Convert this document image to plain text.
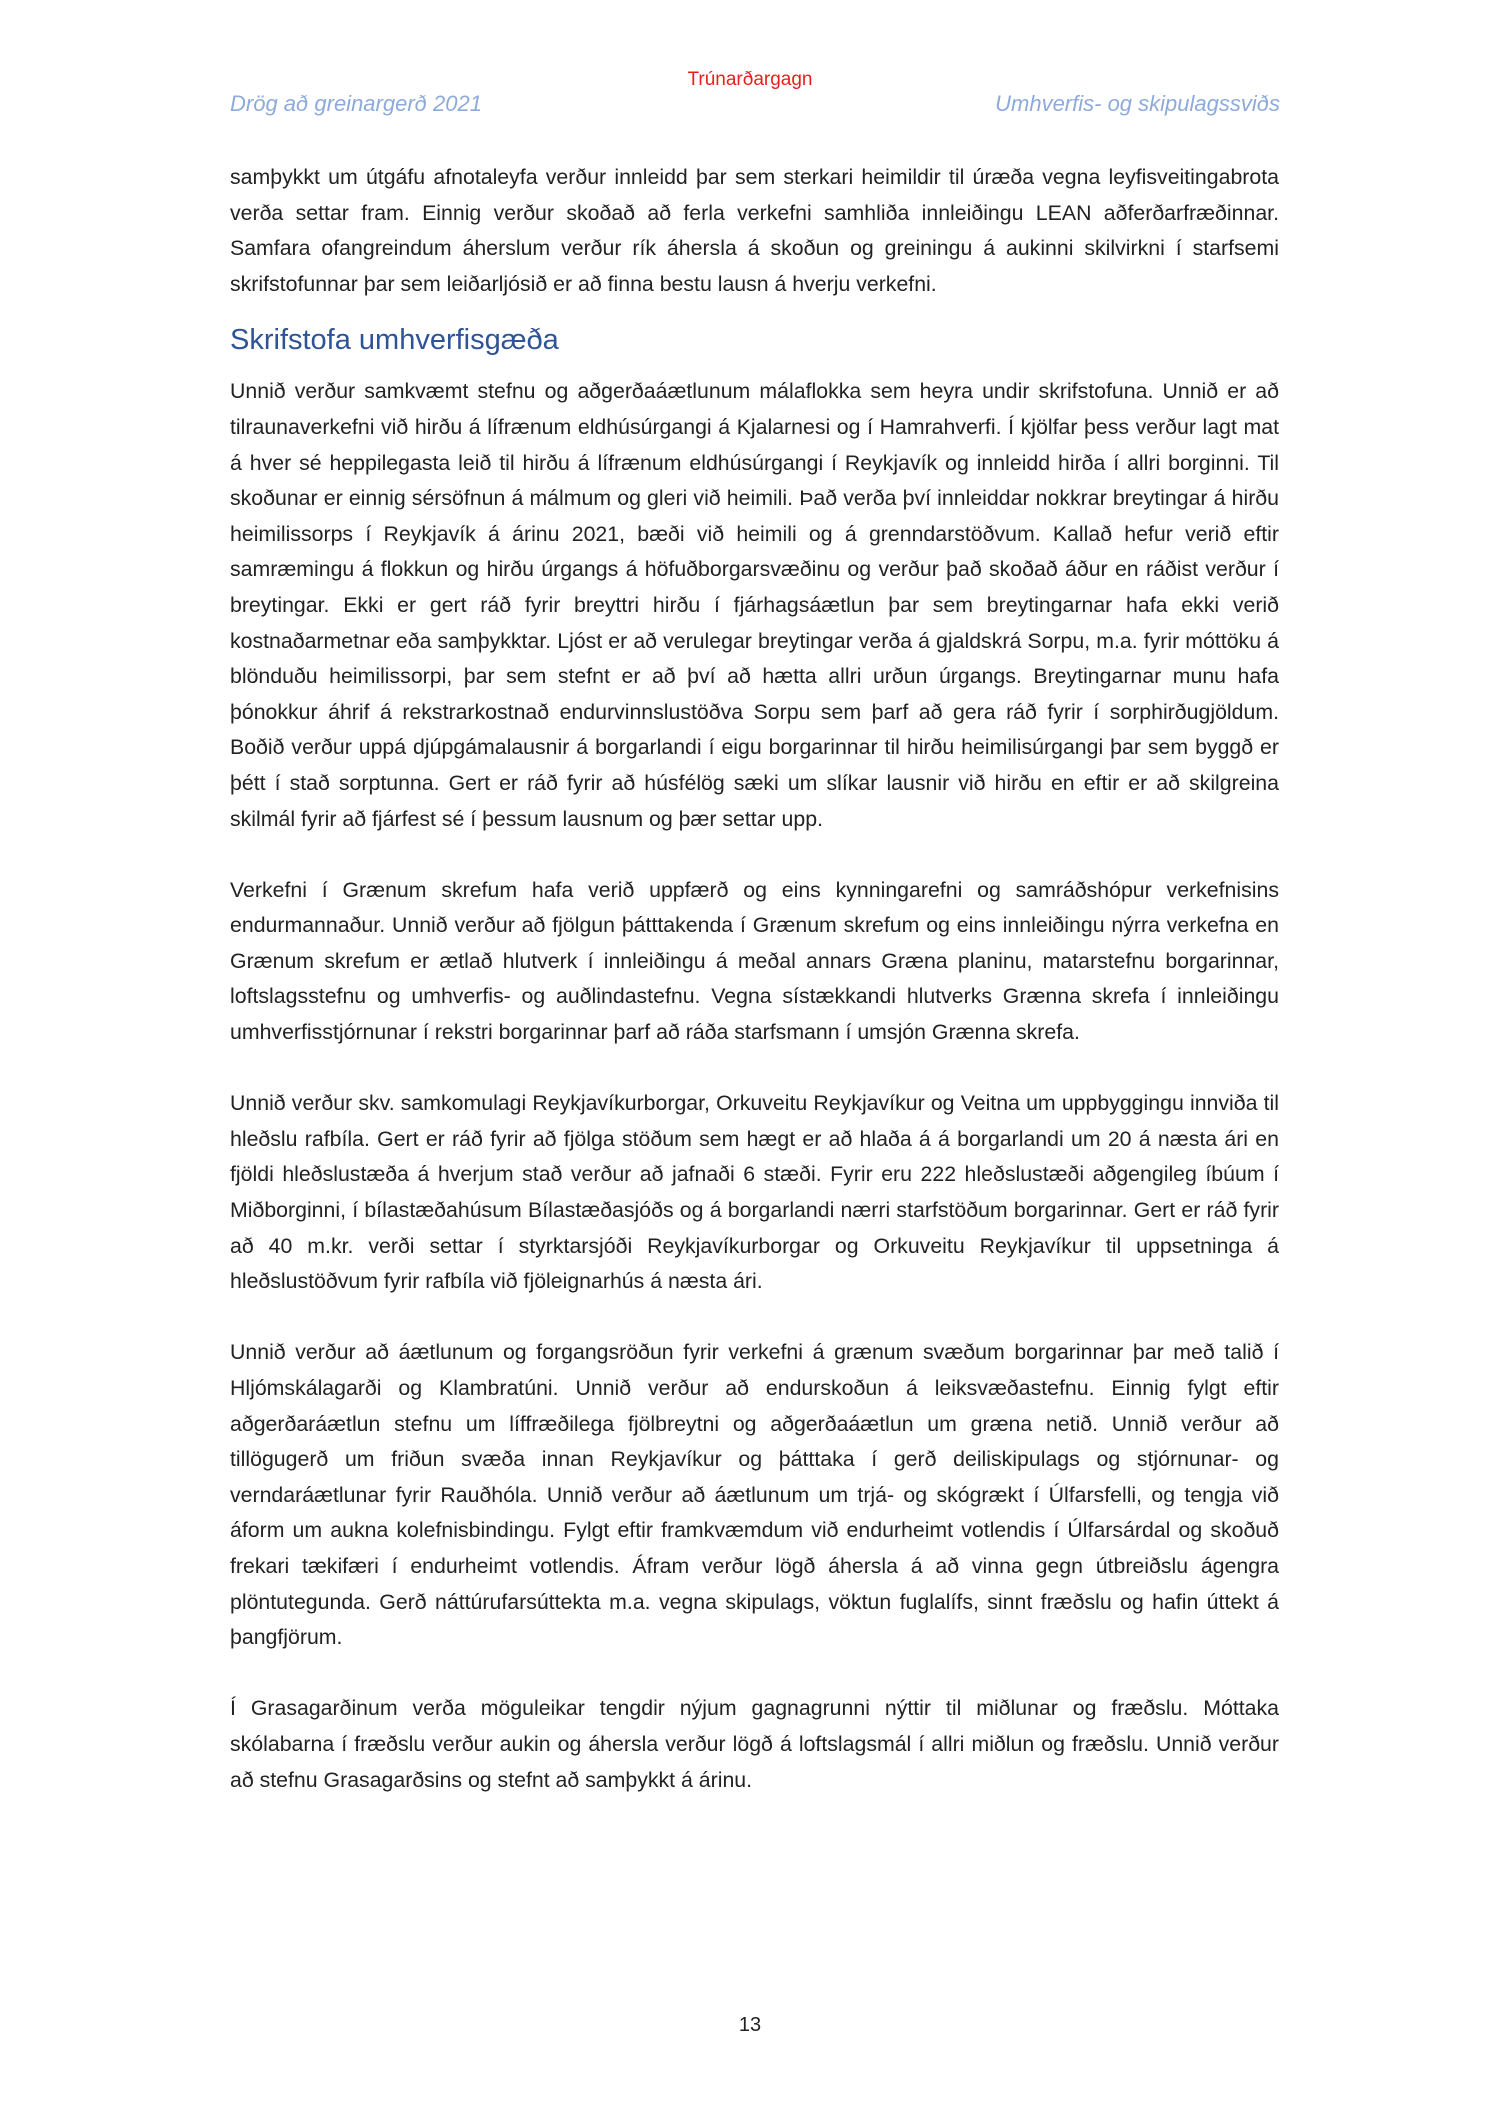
Trúnarðargagn
Drög að greinargerð 2021	Umhverfis- og skipulagssviðs

samþykkt um útgáfu afnotaleyfa verður innleidd þar sem sterkari heimildir til úræða vegna leyfisveitingabrota verða settar fram. Einnig verður skoðað að ferla verkefni samhliða innleiðingu LEAN aðferðarfræðinnar. Samfara ofangreindum áherslum verður rík áhersla á skoðun og greiningu á aukinni skilvirkni í starfsemi skrifstofunnar þar sem leiðarljósið er að finna bestu lausn á hverju verkefni.

Skrifstofa umhverfisgæða

Unnið verður samkvæmt stefnu og aðgerðaáætlunum málaflokka sem heyra undir skrifstofuna. Unnið er að tilraunaverkefni við hirðu á lífrænum eldhúsúrgangi á Kjalarnesi og í Hamrahverfi. Í kjölfar þess verður lagt mat á hver sé heppilegasta leið til hirðu á lífrænum eldhúsúrgangi í Reykjavík og innleidd hirða í allri borginni. Til skoðunar er einnig sérsöfnun á málmum og gleri við heimili. Það verða því innleiddar nokkrar breytingar á hirðu heimilissorps í Reykjavík á árinu 2021, bæði við heimili og á grenndarstöðvum. Kallað hefur verið eftir samræmingu á flokkun og hirðu úrgangs á höfuðborgarsvæðinu og verður það skoðað áður en ráðist verður í breytingar. Ekki er gert ráð fyrir breyttri hirðu í fjárhagsáætlun þar sem breytingarnar hafa ekki verið kostnaðarmetnar eða samþykktar. Ljóst er að verulegar breytingar verða á gjaldskrá Sorpu, m.a. fyrir móttöku á blönduðu heimilissorpi, þar sem stefnt er að því að hætta allri urðun úrgangs. Breytingarnar munu hafa þónokkur áhrif á rekstrarkostnað endurvinnslustöðva Sorpu sem þarf að gera ráð fyrir í sorphirðugjöldum. Boðið verður uppá djúpgámalausnir á borgarlandi í eigu borgarinnar til hirðu heimilisúrgangi þar sem byggð er þétt í stað sorptunna. Gert er ráð fyrir að húsfélög sæki um slíkar lausnir við hirðu en eftir er að skilgreina skilmál fyrir að fjárfest sé í þessum lausnum og þær settar upp.

Verkefni í Grænum skrefum hafa verið uppfærð og eins kynningarefni og samráðshópur verkefnisins endurmannaður. Unnið verður að fjölgun þátttakenda í Grænum skrefum og eins innleiðingu nýrra verkefna en Grænum skrefum er ætlað hlutverk í innleiðingu á meðal annars Græna planinu, matarstefnu borgarinnar, loftslagsstefnu og umhverfis- og auðlindastefnu. Vegna sístækkandi hlutverks Grænna skrefa í innleiðingu umhverfisstjórnunar í rekstri borgarinnar þarf að ráða starfsmann í umsjón Grænna skrefa.

Unnið verður skv. samkomulagi Reykjavíkurborgar, Orkuveitu Reykjavíkur og Veitna um uppbyggingu innviða til hleðslu rafbíla. Gert er ráð fyrir að fjölga stöðum sem hægt er að hlaða á á borgarlandi um 20 á næsta ári en fjöldi hleðslustæða á hverjum stað verður að jafnaði 6 stæði. Fyrir eru 222 hleðslustæði aðgengileg íbúum í Miðborginni, í bílastæðahúsum Bílastæðasjóðs og á borgarlandi nærri starfstöðum borgarinnar. Gert er ráð fyrir að 40 m.kr. verði settar í styrktarsjóði Reykjavíkurborgar og Orkuveitu Reykjavíkur til uppsetninga á hleðslustöðvum fyrir rafbíla við fjöleignarhús á næsta ári.

Unnið verður að áætlunum og forgangsröðun fyrir verkefni á grænum svæðum borgarinnar þar með talið í Hljómskálagarði og Klambratúni. Unnið verður að endurskoðun á leiksvæðastefnu. Einnig fylgt eftir aðgerðaráætlun stefnu um líffræðilega fjölbreytni og aðgerðaáætlun um græna netið. Unnið verður að tillögugerð um friðun svæða innan Reykjavíkur og þátttaka í gerð deiliskipulags og stjórnunar- og verndaráætlunar fyrir Rauðhóla. Unnið verður að áætlunum um trjá- og skógrækt í Úlfarsfelli, og tengja við áform um aukna kolefnisbindingu. Fylgt eftir framkvæmdum við endurheimt votlendis í Úlfarsárdal og skoðuð frekari tækifæri í endurheimt votlendis. Áfram verður lögð áhersla á að vinna gegn útbreiðslu ágengra plöntutegunda. Gerð náttúrufarsúttekta m.a. vegna skipulags, vöktun fuglalífs, sinnt fræðslu og hafin úttekt á þangfjörum.

Í Grasagarðinum verða möguleikar tengdir nýjum gagnagrunni nýttir til miðlunar og fræðslu. Móttaka skólabarna í fræðslu verður aukin og áhersla verður lögð á loftslagsmál í allri miðlun og fræðslu. Unnið verður að stefnu Grasagarðsins og stefnt að samþykkt á árinu.

13
